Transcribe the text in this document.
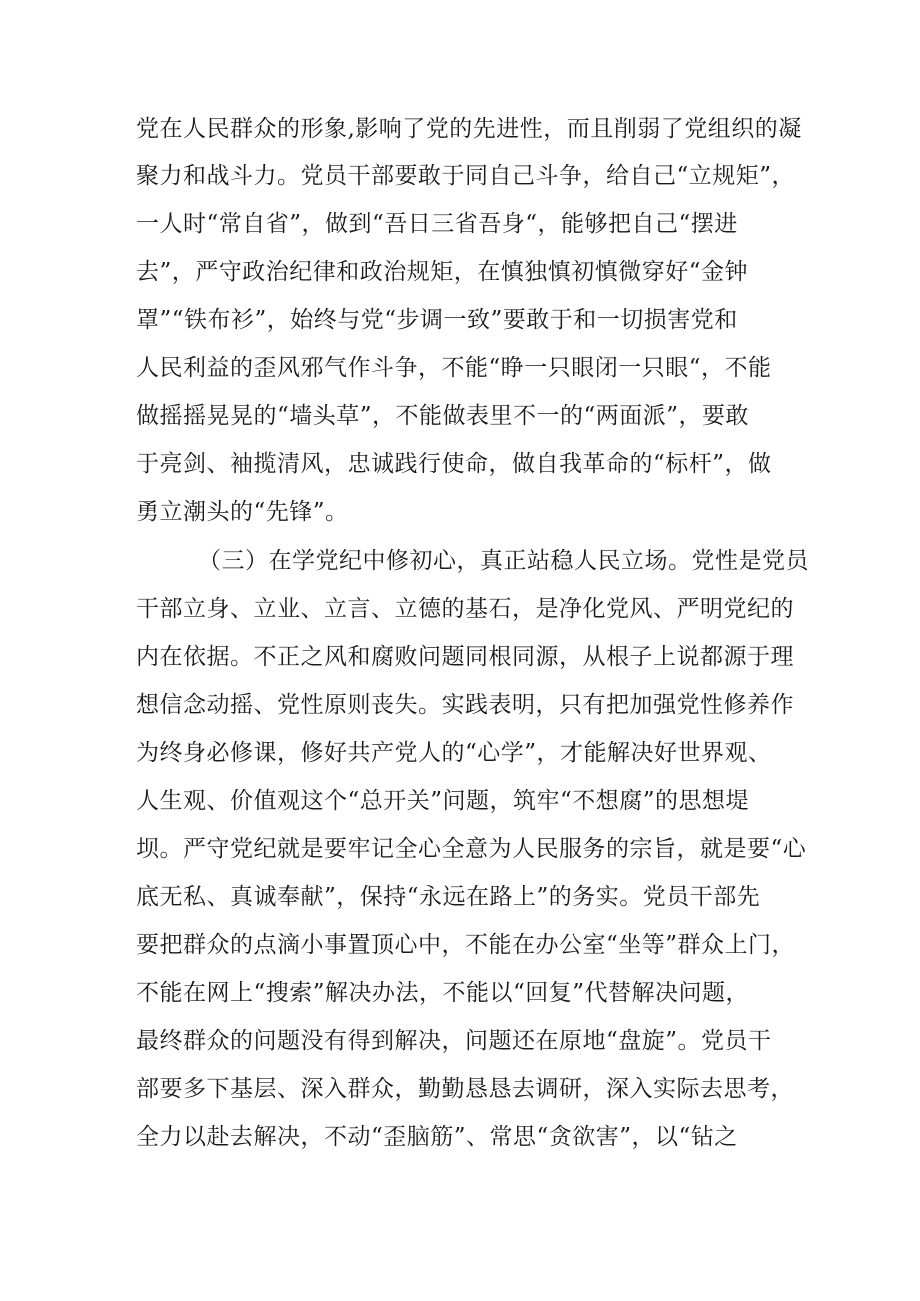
党在人民群众的形象,影响了党的先进性，而且削弱了党组织的凝
聚力和战斗力。党员干部要敢于同自己斗争，给自己“立规矩”，
一人时“常自省”，做到“吾日三省吾身“，能够把自己“摆进
去”，严守政治纪律和政治规矩，在慎独慎初慎微穿好“金钟
罩”“铁布衫”，始终与党“步调一致”要敢于和一切损害党和
人民利益的歪风邪气作斗争，不能“睁一只眼闭一只眼“，不能
做摇摇晃晃的“墙头草”，不能做表里不一的“两面派”，要敢
于亮剑、袖揽清风，忠诚践行使命，做自我革命的“标杆”，做
勇立潮头的“先锋”。
（三）在学党纪中修初心，真正站稳人民立场。党性是党员
干部立身、立业、立言、立德的基石，是净化党风、严明党纪的
内在依据。不正之风和腐败问题同根同源，从根子上说都源于理
想信念动摇、党性原则丧失。实践表明，只有把加强党性修养作
为终身必修课，修好共产党人的“心学”，才能解决好世界观、
人生观、价值观这个“总开关”问题，筑牢“不想腐”的思想堤
坝。严守党纪就是要牢记全心全意为人民服务的宗旨，就是要“心
底无私、真诚奉献”，保持“永远在路上”的务实。党员干部先
要把群众的点滴小事置顶心中，不能在办公室“坐等”群众上门，
不能在网上“搜索”解决办法，不能以“回复”代替解决问题，
最终群众的问题没有得到解决，问题还在原地“盘旋”。党员干
部要多下基层、深入群众，勤勤恳恳去调研，深入实际去思考，
全力以赴去解决，不动“歪脑筋”、常思“贪欲害”，以“钻之
